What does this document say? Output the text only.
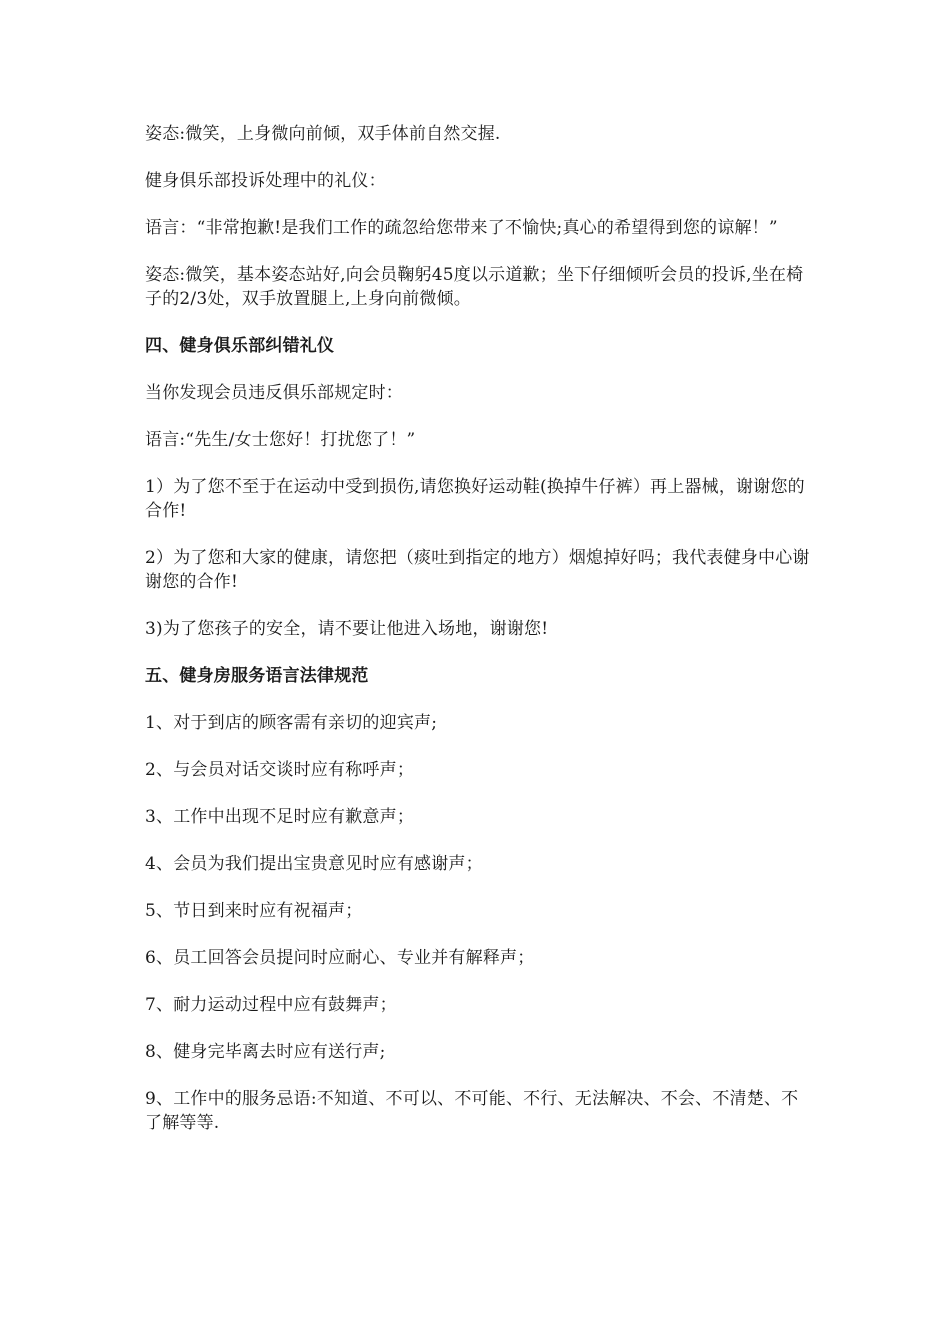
姿态:微笑，上身微向前倾，双手体前自然交握.

健身俱乐部投诉处理中的礼仪：

语言：“非常抱歉!是我们工作的疏忽给您带来了不愉快;真心的希望得到您的谅解！”

姿态:微笑，基本姿态站好,向会员鞠躬45度以示道歉；坐下仔细倾听会员的投诉,坐在椅子的2/3处，双手放置腿上,上身向前微倾。

四、健身俱乐部纠错礼仪

当你发现会员违反俱乐部规定时：

语言:“先生/女士您好！打扰您了！”

1）为了您不至于在运动中受到损伤,请您换好运动鞋(换掉牛仔裤）再上器械，谢谢您的合作!

2）为了您和大家的健康，请您把（痰吐到指定的地方）烟熄掉好吗；我代表健身中心谢谢您的合作!

3)为了您孩子的安全，请不要让他进入场地，谢谢您!

五、健身房服务语言法律规范

1、对于到店的顾客需有亲切的迎宾声;

2、与会员对话交谈时应有称呼声；

3、工作中出现不足时应有歉意声；

4、会员为我们提出宝贵意见时应有感谢声；

5、节日到来时应有祝福声；

6、员工回答会员提问时应耐心、专业并有解释声；

7、耐力运动过程中应有鼓舞声；

8、健身完毕离去时应有送行声;

9、工作中的服务忌语:不知道、不可以、不可能、不行、无法解决、不会、不清楚、不了解等等.
